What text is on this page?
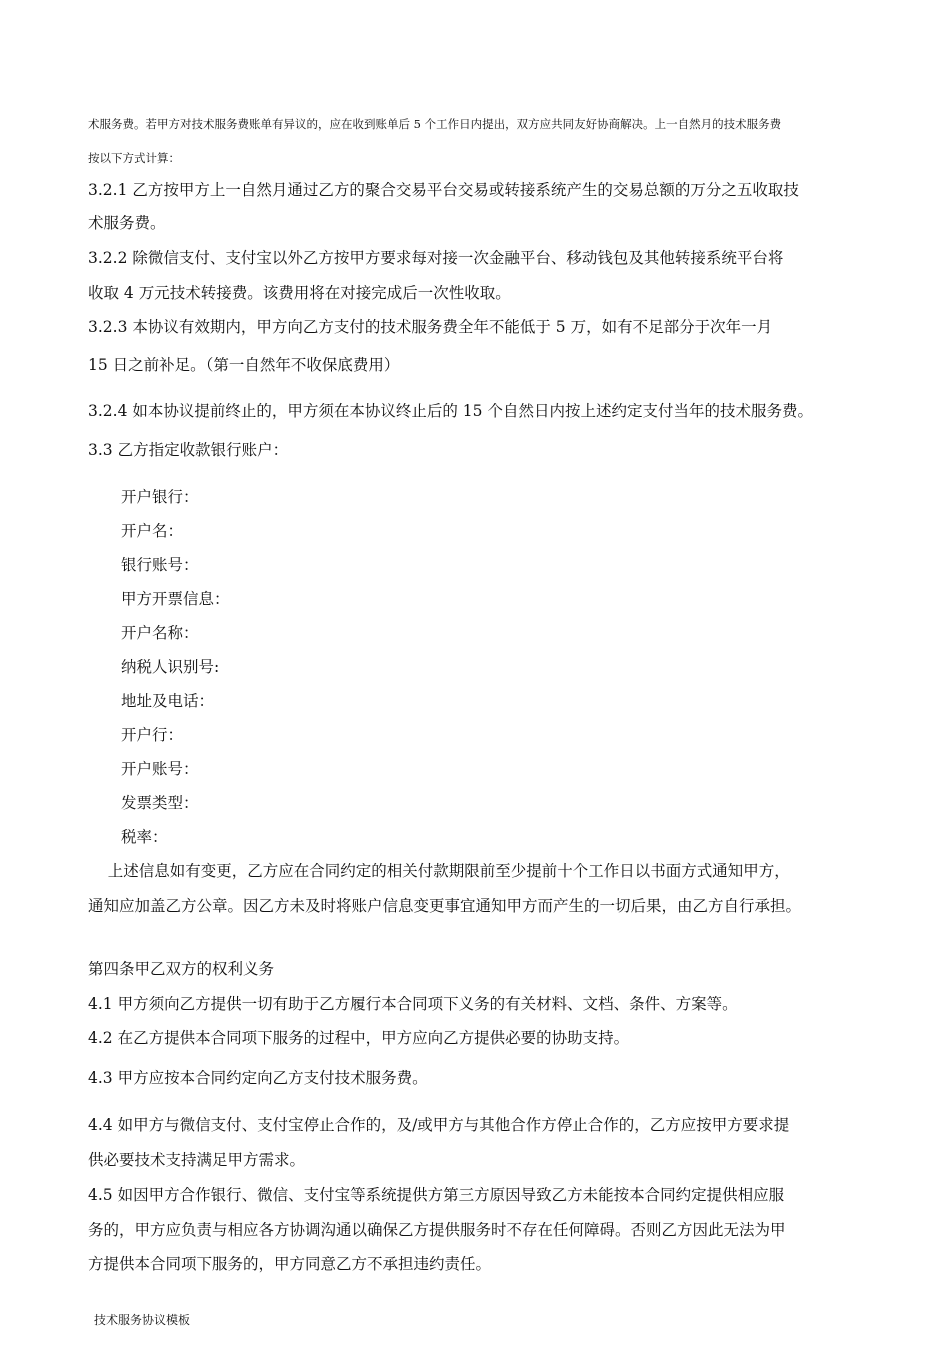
术服务费。若甲方对技术服务费账单有异议的，应在收到账单后 5 个工作日内提出，双方应共同友好协商解决。上一自然月的技术服务费
按以下方式计算：
3.2.1 乙方按甲方上一自然月通过乙方的聚合交易平台交易或转接系统产生的交易总额的万分之五收取技
术服务费。
3.2.2 除微信支付、支付宝以外乙方按甲方要求每对接一次金融平台、移动钱包及其他转接系统平台将
收取 4 万元技术转接费。该费用将在对接完成后一次性收取。
3.2.3 本协议有效期内，甲方向乙方支付的技术服务费全年不能低于 5 万，如有不足部分于次年一月
15 日之前补足。（第一自然年不收保底费用）
3.2.4 如本协议提前终止的，甲方须在本协议终止后的 15 个自然日内按上述约定支付当年的技术服务费。
3.3 乙方指定收款银行账户：
开户银行：
开户名：
银行账号：
甲方开票信息：
开户名称：
纳税人识别号:
地址及电话：
开户行：
开户账号：
发票类型：
税率：
上述信息如有变更，乙方应在合同约定的相关付款期限前至少提前十个工作日以书面方式通知甲方，
通知应加盖乙方公章。因乙方未及时将账户信息变更事宜通知甲方而产生的一切后果，由乙方自行承担。
第四条甲乙双方的权利义务
4.1 甲方须向乙方提供一切有助于乙方履行本合同项下义务的有关材料、文档、条件、方案等。
4.2 在乙方提供本合同项下服务的过程中，甲方应向乙方提供必要的协助支持。
4.3 甲方应按本合同约定向乙方支付技术服务费。
4.4 如甲方与微信支付、支付宝停止合作的，及/或甲方与其他合作方停止合作的，乙方应按甲方要求提
供必要技术支持满足甲方需求。
4.5 如因甲方合作银行、微信、支付宝等系统提供方第三方原因导致乙方未能按本合同约定提供相应服
务的，甲方应负责与相应各方协调沟通以确保乙方提供服务时不存在任何障碍。否则乙方因此无法为甲
方提供本合同项下服务的，甲方同意乙方不承担违约责任。
技术服务协议模板
